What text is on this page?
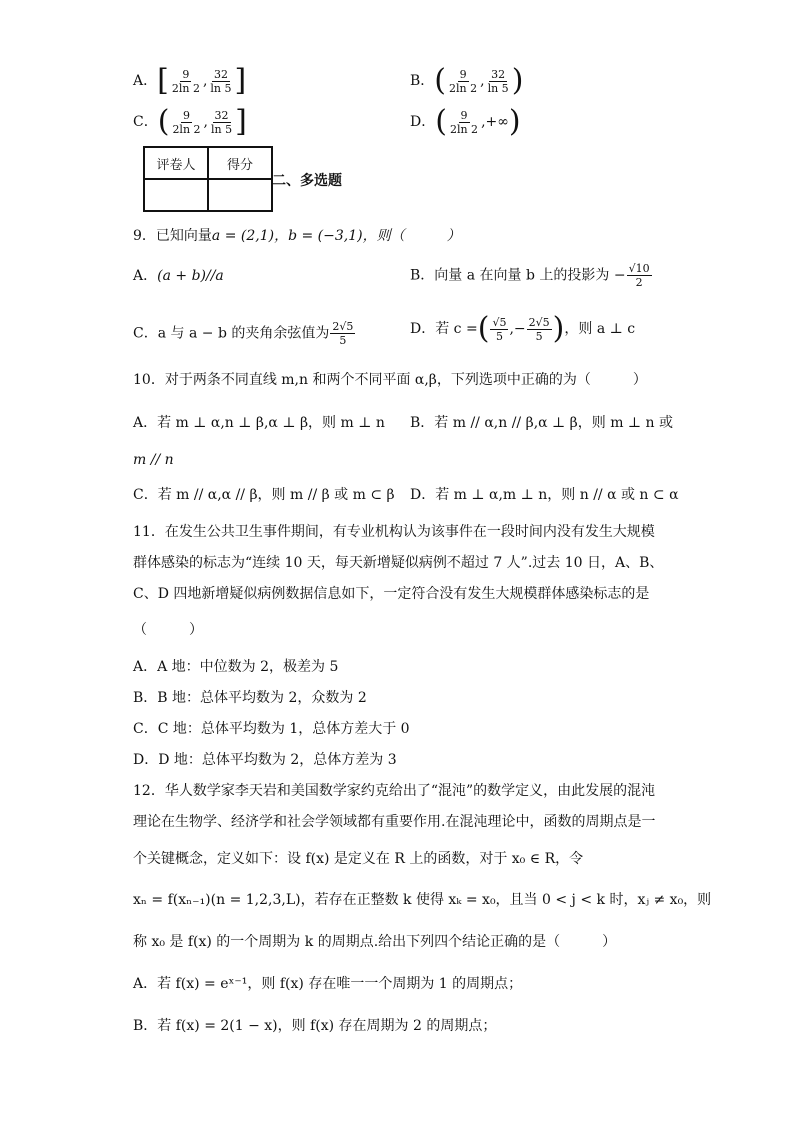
A．[ $\frac{9}{2\ln 2}$ , $\frac{32}{\ln 5}$ ]	B．( $\frac{9}{2\ln 2}$ , $\frac{32}{\ln 5}$ )
C．( $\frac{9}{2\ln 2}$ , $\frac{32}{\ln 5}$ ]	D．( $\frac{9}{2\ln 2}$ ,+∞)
评卷人	得分

二、多选题
9．已知向量a = (2,1)，b = (−3,1)，则（　　　）
A．(a + b)//a	B．向量 a 在向量 b 上的投影为 − $\frac{√10}{2}$
C．a 与 a − b 的夹角余弦值为 $\frac{2√5}{5}$	D．若 c =( $\frac{√5}{5}$ ,− $\frac{2√5}{5}$ )，则 a ⊥ c
10．对于两条不同直线 m,n 和两个不同平面 α,β，下列选项中正确的为（　　　）
A．若 m ⊥ α,n ⊥ β,α ⊥ β，则 m ⊥ n B．若 m // α,n // β,α ⊥ β，则 m ⊥ n 或
m // n
C．若 m // α,α // β，则 m // β 或 m ⊂ β D．若 m ⊥ α,m ⊥ n，则 n // α 或 n ⊂ α
11．在发生公共卫生事件期间，有专业机构认为该事件在一段时间内没有发生大规模
群体感染的标志为“连续 10 天，每天新增疑似病例不超过 7 人”.过去 10 日，A、B、
C、D 四地新增疑似病例数据信息如下，一定符合没有发生大规模群体感染标志的是
（　　　）
A．A 地：中位数为 2，极差为 5
B．B 地：总体平均数为 2，众数为 2
C．C 地：总体平均数为 1，总体方差大于 0
D．D 地：总体平均数为 2，总体方差为 3
12．华人数学家李天岩和美国数学家约克给出了“混沌”的数学定义，由此发展的混沌
理论在生物学、经济学和社会学领域都有重要作用.在混沌理论中，函数的周期点是一
个关键概念，定义如下：设 f(x) 是定义在 R 上的函数，对于 x₀ ∈ R，令
xₙ = f(xₙ₋₁)(n = 1,2,3,L)，若存在正整数 k 使得 xₖ = x₀，且当 0 < j < k 时，xⱼ ≠ x₀，则
称 x₀ 是 f(x) 的一个周期为 k 的周期点.给出下列四个结论正确的是（　　　）
A．若 f(x) = eˣ⁻¹，则 f(x) 存在唯一一个周期为 1 的周期点；
B．若 f(x) = 2(1 − x)，则 f(x) 存在周期为 2 的周期点；
